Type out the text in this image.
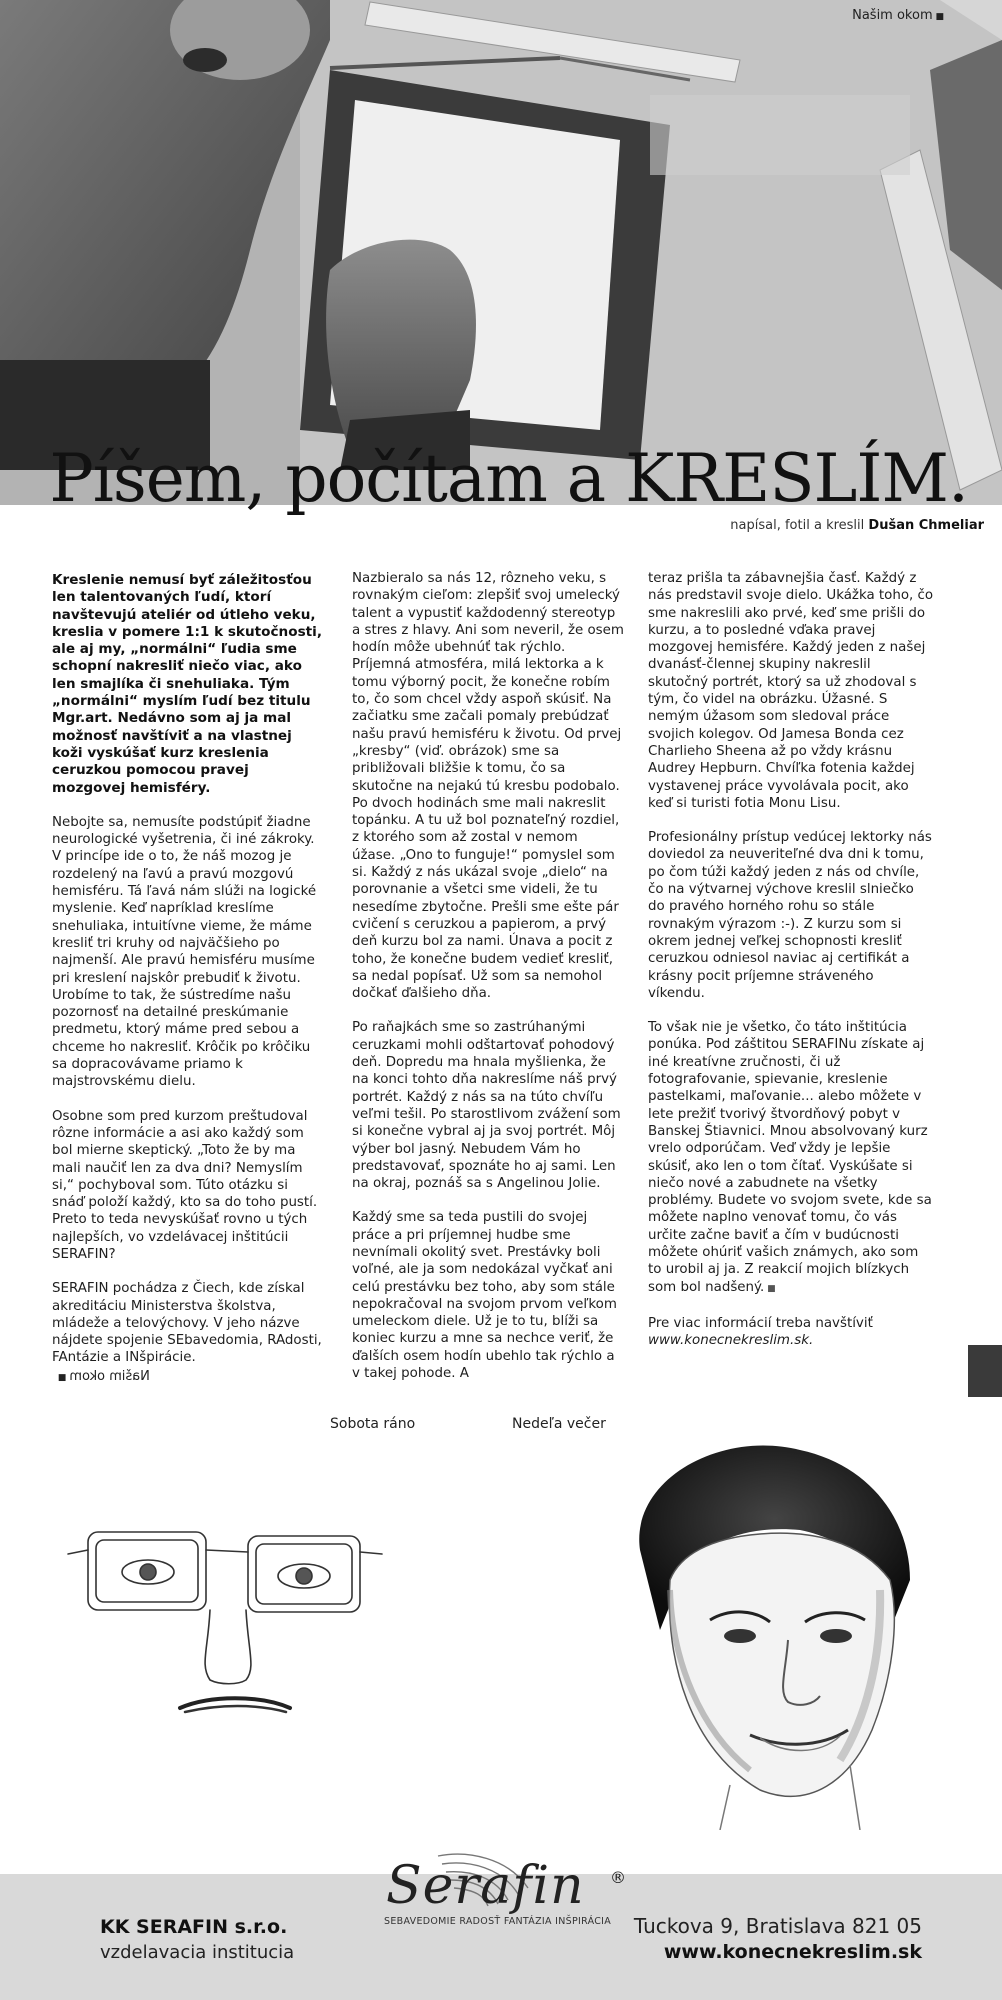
Našim okom ■
Píšem, počítam a KRESLÍM.
napísal, fotil a kreslil Dušan Chmeliar

Kreslenie nemusí byť záležitosťou len talentovaných ľudí, ktorí navštevujú ateliér od útleho veku, kreslia v pomere 1:1 k skutočnosti, ale aj my, „normálni“ ľudia sme schopní nakresliť niečo viac, ako len smajlíka či snehuliaka. Tým „normálni“ myslím ľudí bez titulu Mgr.art. Nedávno som aj ja mal možnosť navštíviť a na vlastnej koži vyskúšať kurz kreslenia ceruzkou pomocou pravej mozgovej hemisféry.

Nebojte sa, nemusíte podstúpiť žiadne neurologické vyšetrenia, či iné zákroky. V princípe ide o to, že náš mozog je rozdelený na ľavú a pravú mozgovú hemisféru. Tá ľavá nám slúži na logické myslenie. Keď napríklad kreslíme snehuliaka, intuitívne vieme, že máme kresliť tri kruhy od najväčšieho po najmenší. Ale pravú hemisféru musíme pri kreslení najskôr prebudiť k životu. Urobíme to tak, že sústredíme našu pozornosť na detailné preskúmanie predmetu, ktorý máme pred sebou a chceme ho nakresliť. Krôčik po krôčiku sa dopracovávame priamo k majstrovskému dielu.

Osobne som pred kurzom preštudoval rôzne informácie a asi ako každý som bol mierne skeptický. „Toto že by ma mali naučiť len za dva dni? Nemyslím si,“ pochyboval som. Túto otázku si snáď položí každý, kto sa do toho pustí. Preto to teda nevyskúšať rovno u tých najlepších, vo vzdelávacej inštitúcii SERAFIN?

SERAFIN pochádza z Čiech, kde získal akreditáciu Ministerstva školstva, mládeže a telovýchovy. V jeho názve nájdete spojenie SEbavedomia, RAdosti, FAntázie a INšpirácie.

Nazbieralo sa nás 12, rôzneho veku, s rovnakým cieľom: zlepšiť svoj umelecký talent a vypustiť každodenný stereotyp a stres z hlavy. Ani som neveril, že osem hodín môže ubehnúť tak rýchlo. Príjemná atmosféra, milá lektorka a k tomu výborný pocit, že konečne robím to, čo som chcel vždy aspoň skúsiť. Na začiatku sme začali pomaly prebúdzať našu pravú hemisféru k životu. Od prvej „kresby“ (viď. obrázok) sme sa približovali bližšie k tomu, čo sa skutočne na nejakú tú kresbu podobalo. Po dvoch hodinách sme mali nakreslit topánku. A tu už bol poznateľný rozdiel, z ktorého som až zostal v nemom úžase. „Ono to funguje!“ pomyslel som si. Každý z nás ukázal svoje „dielo“ na porovnanie a všetci sme videli, že tu nesedíme zbytočne. Prešli sme ešte pár cvičení s ceruzkou a papierom, a prvý deň kurzu bol za nami. Únava a pocit z toho, že konečne budem vedieť kresliť, sa nedal popísať. Už som sa nemohol dočkať ďalšieho dňa.

Po raňajkách sme so zastrúhanými ceruzkami mohli odštartovať pohodový deň. Dopredu ma hnala myšlienka, že na konci tohto dňa nakreslíme náš prvý portrét. Každý z nás sa na túto chvíľu veľmi tešil. Po starostlivom zvážení som si konečne vybral aj ja svoj portrét. Môj výber bol jasný. Nebudem Vám ho predstavovať, spoznáte ho aj sami. Len na okraj, poznáš sa s Angelinou Jolie.

Každý sme sa teda pustili do svojej práce a pri príjemnej hudbe sme nevnímali okolitý svet. Prestávky boli voľné, ale ja som nedokázal vyčkať ani celú prestávku bez toho, aby som stále nepokračoval na svojom prvom veľkom umeleckom diele. Už je to tu, blíži sa koniec kurzu a mne sa nechce veriť, že ďalších osem hodín ubehlo tak rýchlo a v takej pohode. A

teraz prišla ta zábavnejšia časť. Každý z nás predstavil svoje dielo. Ukážka toho, čo sme nakreslili ako prvé, keď sme prišli do kurzu, a to posledné vďaka pravej mozgovej hemisfére. Každý jeden z našej dvanásť-člennej skupiny nakreslil skutočný portrét, ktorý sa už zhodoval s tým, čo videl na obrázku. Úžasné. S nemým úžasom som sledoval práce svojich kolegov. Od Jamesa Bonda cez Charlieho Sheena až po vždy krásnu Audrey Hepburn. Chvíľka fotenia každej vystavenej práce vyvolávala pocit, ako keď si turisti fotia Monu Lisu.

Profesionálny prístup vedúcej lektorky nás doviedol za neuveriteľné dva dni k tomu, po čom túži každý jeden z nás od chvíle, čo na výtvarnej výchove kreslil slniečko do pravého horného rohu so stále rovnakým výrazom :-). Z kurzu som si okrem jednej veľkej schopnosti kresliť ceruzkou odniesol naviac aj certifikát a krásny pocit príjemne stráveného víkendu.

To však nie je všetko, čo táto inštitúcia ponúka. Pod záštitou SERAFINu získate aj iné kreatívne zručnosti, či už fotografovanie, spievanie, kreslenie pastelkami, maľovanie... alebo môžete v lete prežiť tvorivý štvordňový pobyt v Banskej Štiavnici. Mnou absolvovaný kurz vrelo odporúčam. Veď vždy je lepšie skúsiť, ako len o tom čítať. Vyskúšate si niečo nové a zabudnete na všetky problémy. Budete vo svojom svete, kde sa môžete naplno venovať tomu, čo vás určite začne baviť a čím v budúcnosti môžete ohúriť vašich známych, ako som to urobil aj ja. Z reakcií mojich blízkych som bol nadšený. ■

Pre viac informácií treba navštíviť
www.konecnekreslim.sk.

Našim okom ■
Sobota ráno	Nedeľa večer
KK SERAFIN s.r.o.
vzdelavacia institucia
Serafin ®
SEBAVEDOMIE RADOSŤ FANTÁZIA INŠPIRÁCIA Tuckova 9, Bratislava 821 05
www.konecnekreslim.sk
